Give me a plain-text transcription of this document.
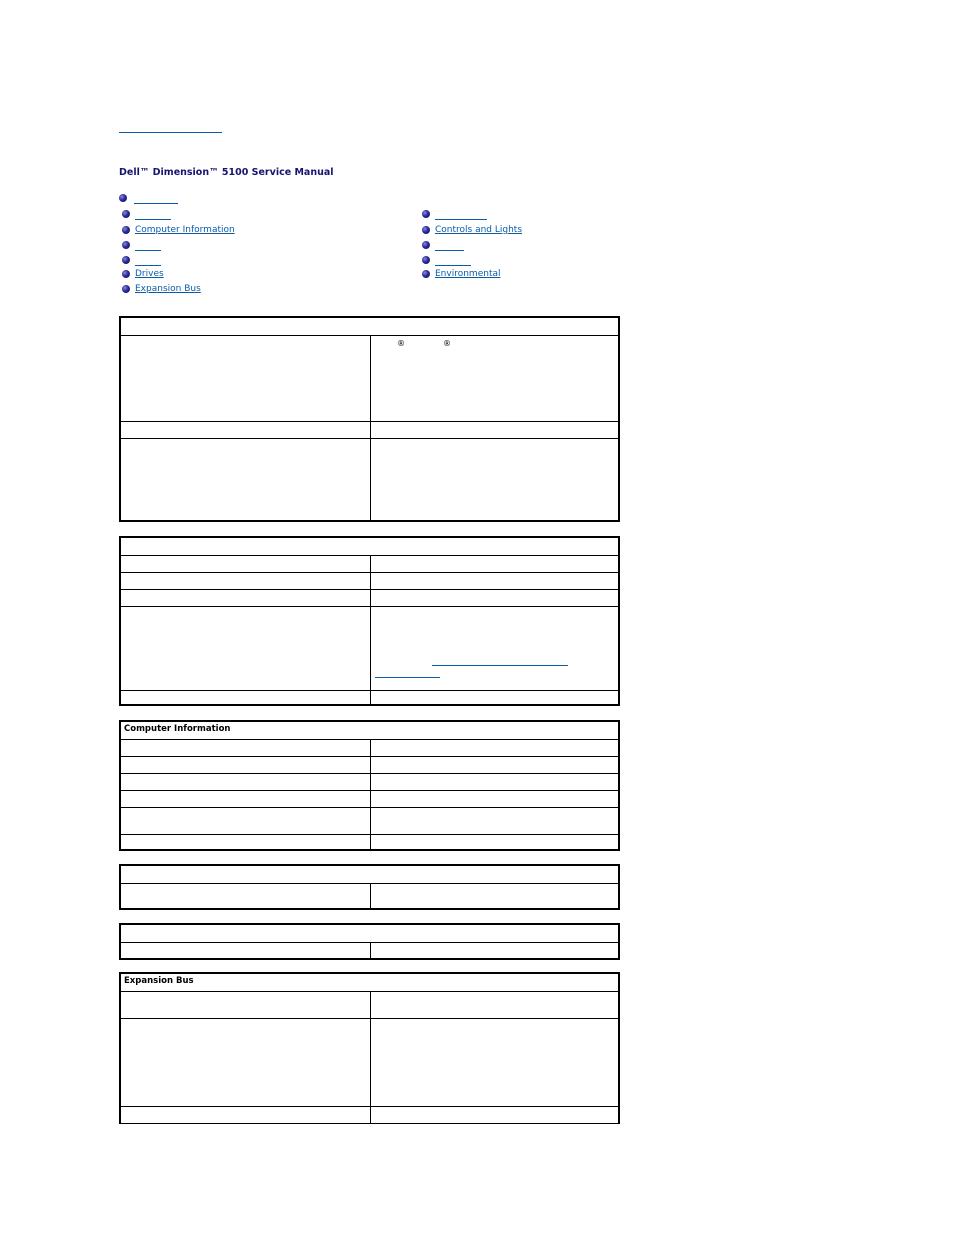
Dell™ Dimension™ 5100 Service Manual
Computer Information
Drives
Expansion Bus
Controls and Lights
Environmental
®	®
Computer Information
Expansion Bus
